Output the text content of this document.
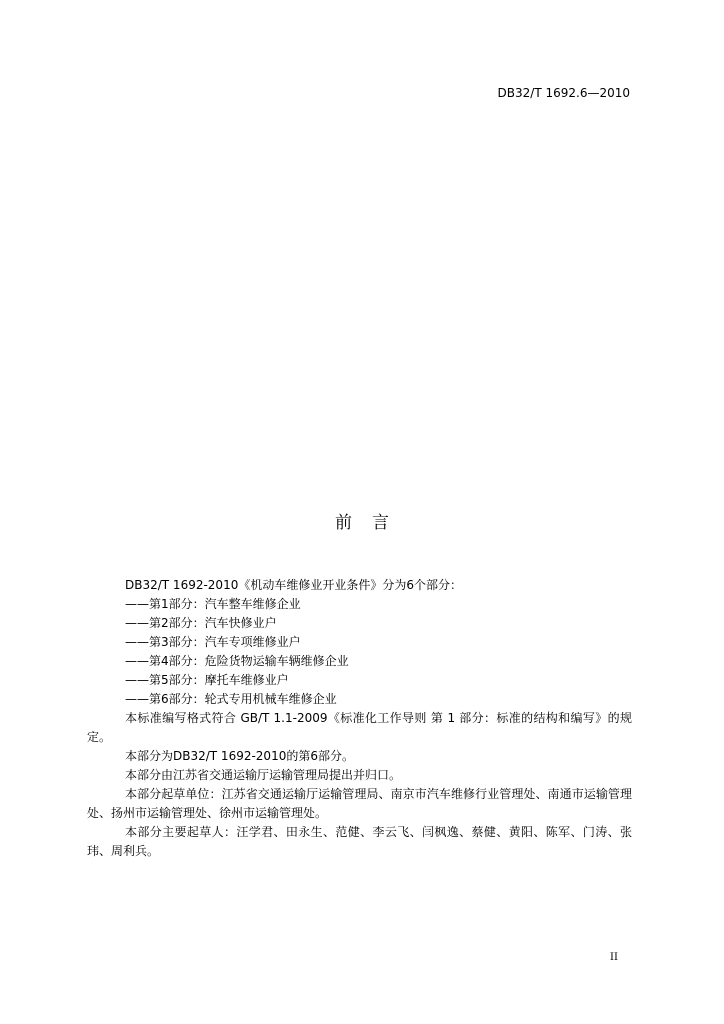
DB32/T 1692.6—2010
前言

DB32/T 1692-2010《机动车维修业开业条件》分为6个部分：

——第1部分：汽车整车维修企业

——第2部分：汽车快修业户

——第3部分：汽车专项维修业户

——第4部分：危险货物运输车辆维修企业

——第5部分：摩托车维修业户

——第6部分：轮式专用机械车维修企业

本标准编写格式符合 GB/T 1.1-2009《标准化工作导则 第 1 部分：标准的结构和编写》的规定。

本部分为DB32/T 1692-2010的第6部分。

本部分由江苏省交通运输厅运输管理局提出并归口。

本部分起草单位：江苏省交通运输厅运输管理局、南京市汽车维修行业管理处、南通市运输管理处、扬州市运输管理处、徐州市运输管理处。

本部分主要起草人：汪学君、田永生、范健、李云飞、闫枫逸、蔡健、黄阳、陈军、门涛、张玮、周利兵。

II
